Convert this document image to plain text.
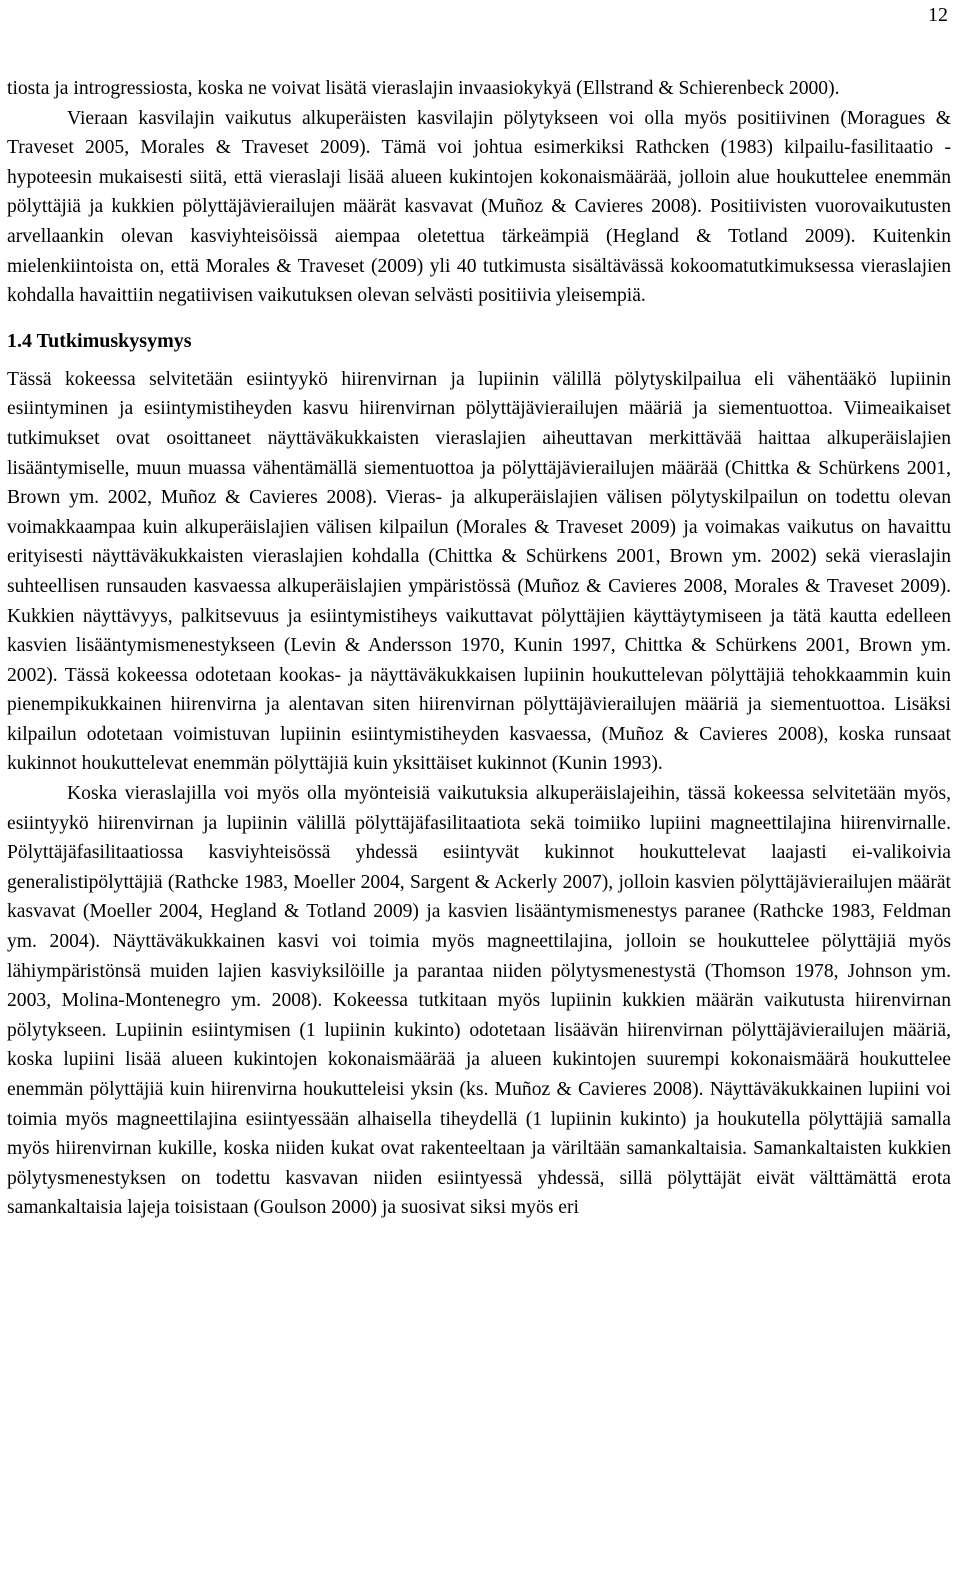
12

tiosta ja introgressiosta, koska ne voivat lisätä vieraslajin invaasiokykyä (Ellstrand & Schierenbeck 2000).

Vieraan kasvilajin vaikutus alkuperäisten kasvilajin pölytykseen voi olla myös positiivinen (Moragues & Traveset 2005, Morales & Traveset 2009). Tämä voi johtua esimerkiksi Rathcken (1983) kilpailu-fasilitaatio -hypoteesin mukaisesti siitä, että vieraslaji lisää alueen kukintojen kokonaismäärää, jolloin alue houkuttelee enemmän pölyttäjiä ja kukkien pölyttäjävierailujen määrät kasvavat (Muñoz & Cavieres 2008). Positiivisten vuorovaikutusten arvellaankin olevan kasviyhteisöissä aiempaa oletettua tärkeämpiä (Hegland & Totland 2009). Kuitenkin mielenkiintoista on, että Morales & Traveset (2009) yli 40 tutkimusta sisältävässä kokoomatutkimuksessa vieraslajien kohdalla havaittiin negatiivisen vaikutuksen olevan selvästi positiivia yleisempiä.

1.4 Tutkimuskysymys

Tässä kokeessa selvitetään esiintyykö hiirenvirnan ja lupiinin välillä pölytyskilpailua eli vähentääkö lupiinin esiintyminen ja esiintymistiheyden kasvu hiirenvirnan pölyttäjävierailujen määriä ja siementuottoa. Viimeaikaiset tutkimukset ovat osoittaneet näyttäväkukkaisten vieraslajien aiheuttavan merkittävää haittaa alkuperäislajien lisääntymiselle, muun muassa vähentämällä siementuottoa ja pölyttäjävierailujen määrää (Chittka & Schürkens 2001, Brown ym. 2002, Muñoz & Cavieres 2008). Vieras- ja alkuperäislajien välisen pölytyskilpailun on todettu olevan voimakkaampaa kuin alkuperäislajien välisen kilpailun (Morales & Traveset 2009) ja voimakas vaikutus on havaittu erityisesti näyttäväkukkaisten vieraslajien kohdalla (Chittka & Schürkens 2001, Brown ym. 2002) sekä vieraslajin suhteellisen runsauden kasvaessa alkuperäislajien ympäristössä (Muñoz & Cavieres 2008, Morales & Traveset 2009). Kukkien näyttävyys, palkitsevuus ja esiintymistiheys vaikuttavat pölyttäjien käyttäytymiseen ja tätä kautta edelleen kasvien lisääntymismenestykseen (Levin & Andersson 1970, Kunin 1997, Chittka & Schürkens 2001, Brown ym. 2002). Tässä kokeessa odotetaan kookas- ja näyttäväkukkaisen lupiinin houkuttelevan pölyttäjiä tehokkaammin kuin pienempikukkainen hiirenvirna ja alentavan siten hiirenvirnan pölyttäjävierailujen määriä ja siementuottoa. Lisäksi kilpailun odotetaan voimistuvan lupiinin esiintymistiheyden kasvaessa, (Muñoz & Cavieres 2008), koska runsaat kukinnot houkuttelevat enemmän pölyttäjiä kuin yksittäiset kukinnot (Kunin 1993).

Koska vieraslajilla voi myös olla myönteisiä vaikutuksia alkuperäislajeihin, tässä kokeessa selvitetään myös, esiintyykö hiirenvirnan ja lupiinin välillä pölyttäjäfasilitaatiota sekä toimiiko lupiini magneettilajina hiirenvirnalle. Pölyttäjäfasilitaatiossa kasviyhteisössä yhdessä esiintyvät kukinnot houkuttelevat laajasti ei-valikoivia generalistipölyttäjiä (Rathcke 1983, Moeller 2004, Sargent & Ackerly 2007), jolloin kasvien pölyttäjävierailujen määrät kasvavat (Moeller 2004, Hegland & Totland 2009) ja kasvien lisääntymismenestys paranee (Rathcke 1983, Feldman ym. 2004). Näyttäväkukkainen kasvi voi toimia myös magneettilajina, jolloin se houkuttelee pölyttäjiä myös lähiympäristönsä muiden lajien kasviyksilöille ja parantaa niiden pölytysmenestystä (Thomson 1978, Johnson ym. 2003, Molina-Montenegro ym. 2008). Kokeessa tutkitaan myös lupiinin kukkien määrän vaikutusta hiirenvirnan pölytykseen. Lupiinin esiintymisen (1 lupiinin kukinto) odotetaan lisäävän hiirenvirnan pölyttäjävierailujen määriä, koska lupiini lisää alueen kukintojen kokonaismäärää ja alueen kukintojen suurempi kokonaismäärä houkuttelee enemmän pölyttäjiä kuin hiirenvirna houkutteleisi yksin (ks. Muñoz & Cavieres 2008). Näyttäväkukkainen lupiini voi toimia myös magneettilajina esiintyessään alhaisella tiheydellä (1 lupiinin kukinto) ja houkutella pölyttäjiä samalla myös hiirenvirnan kukille, koska niiden kukat ovat rakenteeltaan ja väriltään samankaltaisia. Samankaltaisten kukkien pölytysmenestyksen on todettu kasvavan niiden esiintyessä yhdessä, sillä pölyttäjät eivät välttämättä erota samankaltaisia lajeja toisistaan (Goulson 2000) ja suosivat siksi myös eri
